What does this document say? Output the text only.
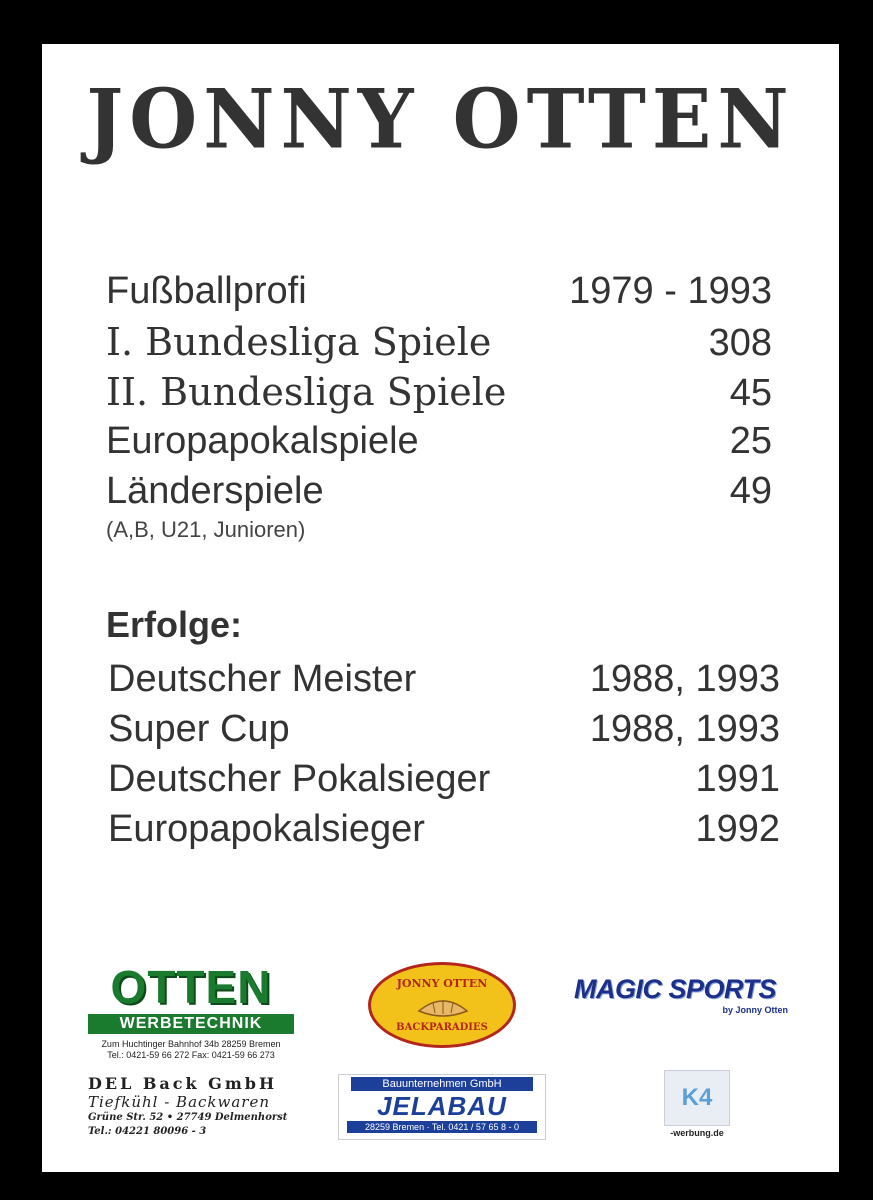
JONNY OTTEN
Fußballprofi	1979 - 1993
I. Bundesliga Spiele	308
II. Bundesliga Spiele	45
Europapokalspiele	25
Länderspiele	49
(A,B, U21, Junioren)
Erfolge:
Deutscher Meister	1988, 1993
Super Cup	1988, 1993
Deutscher Pokalsieger	1991
Europapokalsieger	1992
OTTEN
WERBETECHNIK
Zum Huchtinger Bahnhof 34b 28259 Bremen
Tel.: 0421-59 66 272 Fax: 0421-59 66 273
JONNY OTTEN
BACKPARADIES
MAGIC SPORTS
by Jonny Otten
DEL Back GmbH
Tiefkühl - Backwaren
Grüne Str. 52 • 27749 Delmenhorst
Tel.: 04221 80096 - 3
Bauunternehmen GmbH
JELABAU
28259 Bremen · Tel. 0421 / 57 65 8 - 0
K4
-werbung.de
